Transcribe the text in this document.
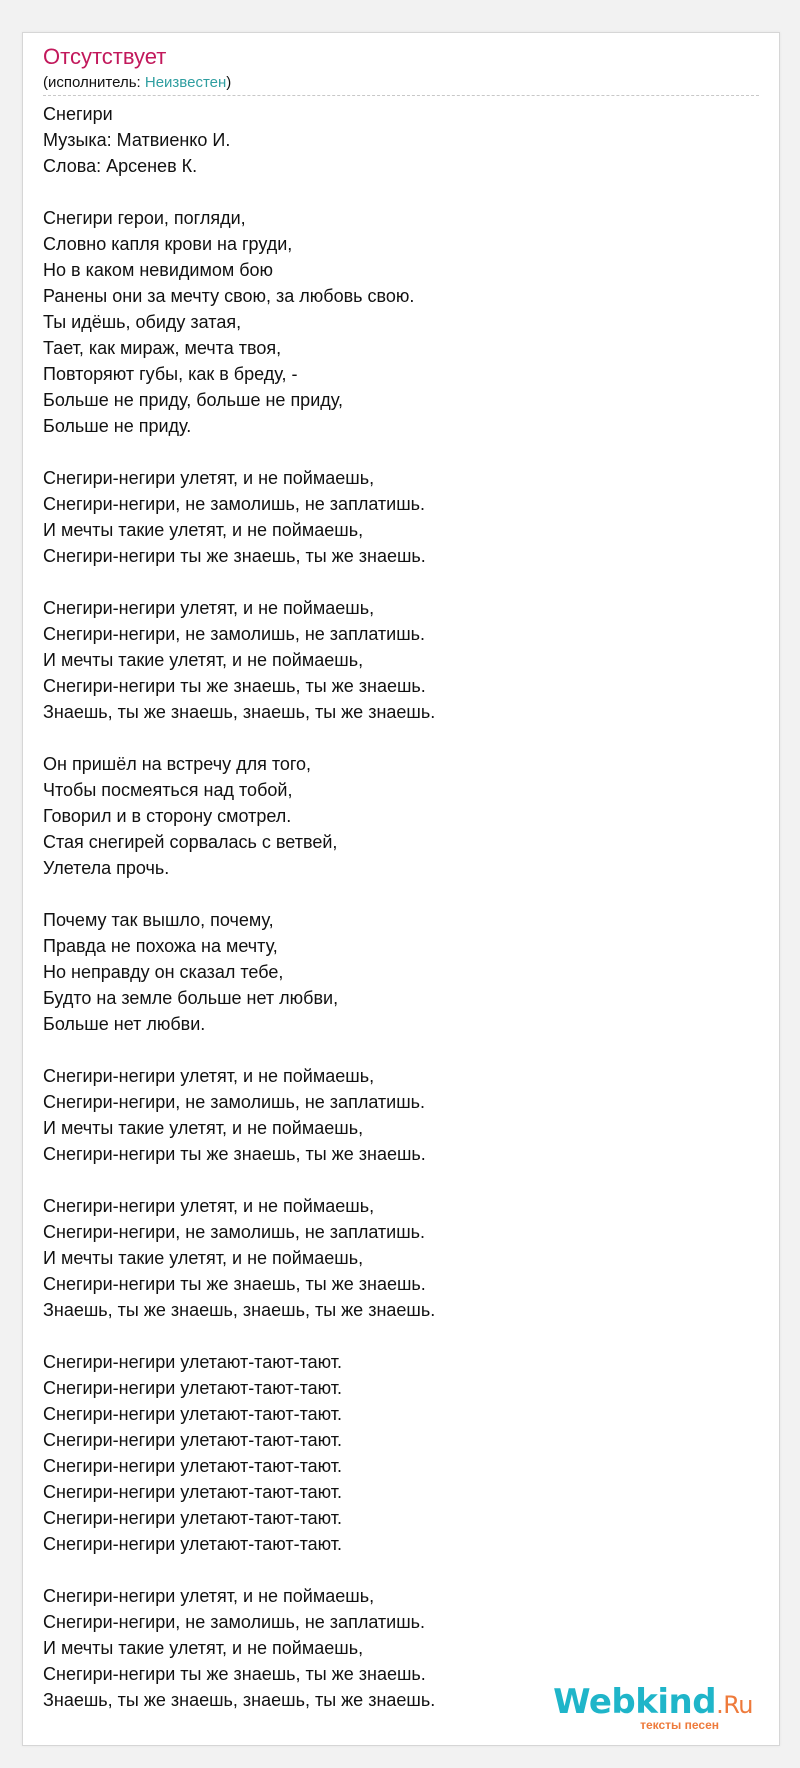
Отсутствует
(исполнитель: Неизвестен)
Снегири
Музыка: Матвиенко И.
Слова: Арсенев К.
Снегири герои, погляди,
Словно капля крови на груди,
Но в каком невидимом бою
Ранены они за мечту свою, за любовь свою.
Ты идёшь, обиду затая,
Тает, как мираж, мечта твоя,
Повторяют губы, как в бреду, -
Больше не приду, больше не приду,
Больше не приду.
Снегири-негири улетят, и не поймаешь,
Снегири-негири, не замолишь, не заплатишь.
И мечты такие улетят, и не поймаешь,
Снегири-негири ты же знаешь, ты же знаешь.
Снегири-негири улетят, и не поймаешь,
Снегири-негири, не замолишь, не заплатишь.
И мечты такие улетят, и не поймаешь,
Снегири-негири ты же знаешь, ты же знаешь.
Знаешь, ты же знаешь, знаешь, ты же знаешь.
Он пришёл на встречу для того,
Чтобы посмеяться над тобой,
Говорил и в сторону смотрел.
Стая снегирей сорвалась с ветвей,
Улетела прочь.
Почему так вышло, почему,
Правда не похожа на мечту,
Но неправду он сказал тебе,
Будто на земле больше нет любви,
Больше нет любви.
Снегири-негири улетят, и не поймаешь,
Снегири-негири, не замолишь, не заплатишь.
И мечты такие улетят, и не поймаешь,
Снегири-негири ты же знаешь, ты же знаешь.
Снегири-негири улетят, и не поймаешь,
Снегири-негири, не замолишь, не заплатишь.
И мечты такие улетят, и не поймаешь,
Снегири-негири ты же знаешь, ты же знаешь.
Знаешь, ты же знаешь, знаешь, ты же знаешь.
Снегири-негири улетают-тают-тают.
Снегири-негири улетают-тают-тают.
Снегири-негири улетают-тают-тают.
Снегири-негири улетают-тают-тают.
Снегири-негири улетают-тают-тают.
Снегири-негири улетают-тают-тают.
Снегири-негири улетают-тают-тают.
Снегири-негири улетают-тают-тают.
Снегири-негири улетят, и не поймаешь,
Снегири-негири, не замолишь, не заплатишь.
И мечты такие улетят, и не поймаешь,
Снегири-негири ты же знаешь, ты же знаешь.
Знаешь, ты же знаешь, знаешь, ты же знаешь.	Webkind.Ru
тексты песен
